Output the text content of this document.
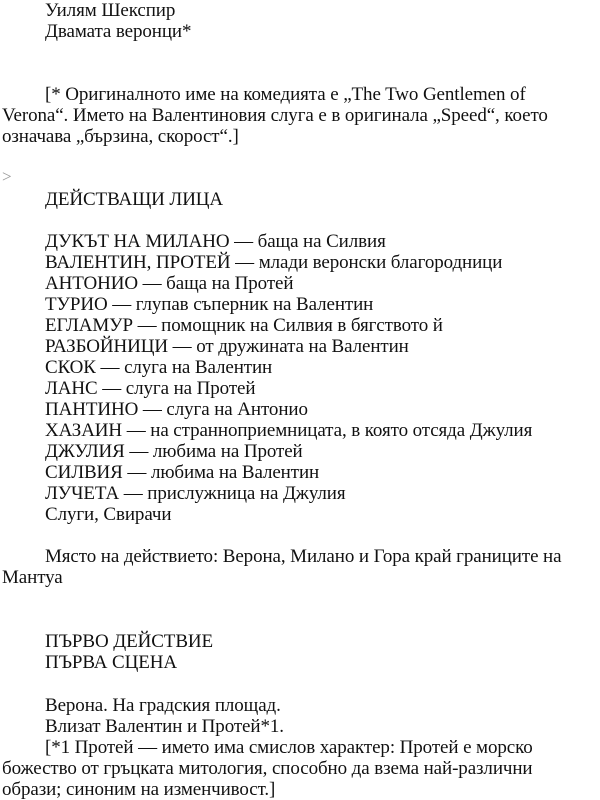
Уилям Шекспир
Двамата веронци*
[* Оригиналното име на комедията е „The Two Gentlemen of
Verona“. Името на Валентиновия слуга е в оригинала „Speed“, което
означава „бързина, скорост“.]
>
ДЕЙСТВАЩИ ЛИЦА
ДУКЪТ НА МИЛАНО — баща на Силвия
ВАЛЕНТИН, ПРОТЕЙ — млади веронски благородници
АНТОНИО — баща на Протей
ТУРИО — глупав съперник на Валентин
ЕГЛАМУР — помощник на Силвия в бягството й
РАЗБОЙНИЦИ — от дружината на Валентин
СКОК — слуга на Валентин
ЛАНС — слуга на Протей
ПАНТИНО — слуга на Антонио
ХАЗАИН — на странноприемницата, в която отсяда Джулия
ДЖУЛИЯ — любима на Протей
СИЛВИЯ — любима на Валентин
ЛУЧЕТА — прислужница на Джулия
Слуги, Свирачи
Място на действието: Верона, Милано и Гора край границите на
Мантуа
ПЪРВО ДЕЙСТВИЕ
ПЪРВА СЦЕНА
Верона. На градския площад.
Влизат Валентин и Протей*1.
[*1 Протей — името има смислов характер: Протей е морско
божество от гръцката митология, способно да взема най-различни
образи; синоним на изменчивост.]
